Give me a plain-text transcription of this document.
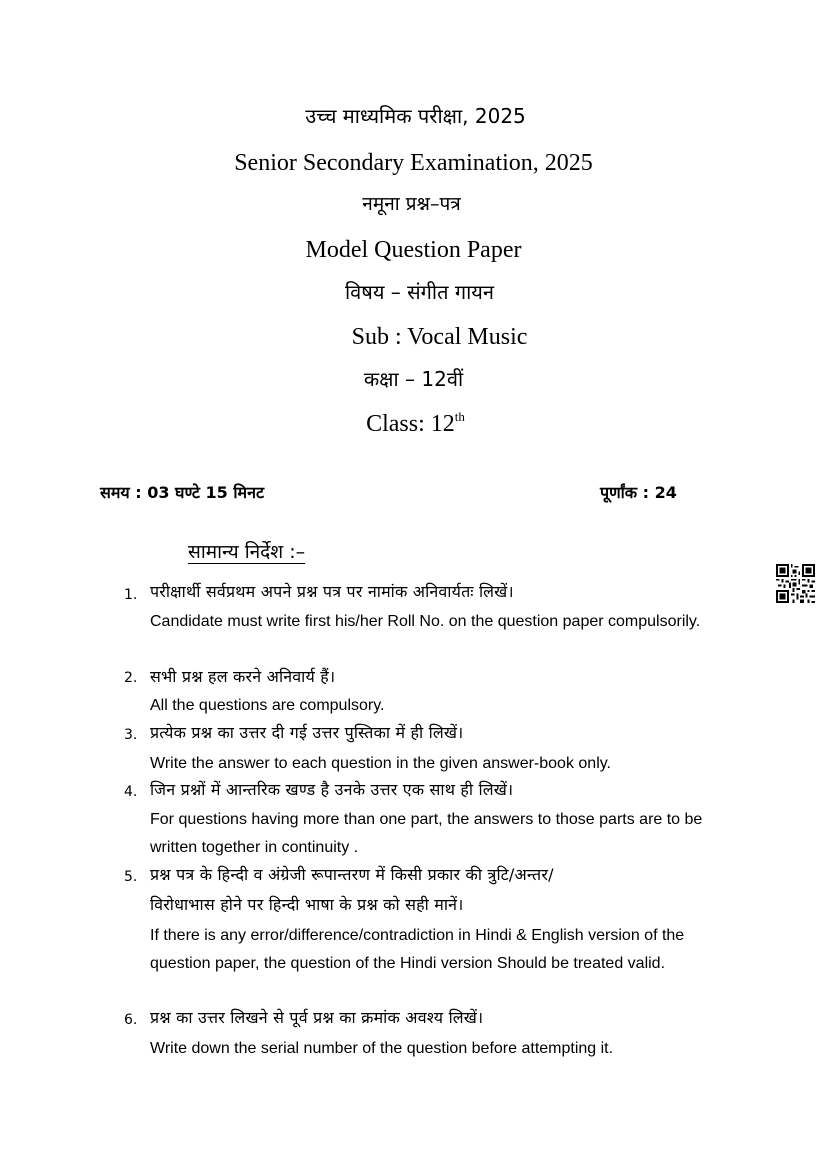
उच्च माध्यमिक परीक्षा, 2025
Senior Secondary Examination, 2025
नमूना प्रश्न–पत्र
Model Question Paper
विषय – संगीत गायन
Sub : Vocal Music
कक्षा – 12वीं
Class: 12th
समय : 03 घण्टे 15 मिनट	पूर्णांक : 24
सामान्य निर्देश :–
1. परीक्षार्थी सर्वप्रथम अपने प्रश्न पत्र पर नामांक अनिवार्यतः लिखें।
Candidate must write first his/her Roll No. on the question paper compulsorily.
2. सभी प्रश्न हल करने अनिवार्य हैं।
All the questions are compulsory.
3. प्रत्येक प्रश्न का उत्तर दी गई उत्तर पुस्तिका में ही लिखें।
Write the answer to each question in the given answer-book only.
4. जिन प्रश्नों में आन्तरिक खण्ड है उनके उत्तर एक साथ ही लिखें।
For questions having more than one part, the answers to those parts are to be written together in continuity .
5. प्रश्न पत्र के हिन्दी व अंग्रेजी रूपान्तरण में किसी प्रकार की त्रुटि/अन्तर/
विरोधाभास होने पर हिन्दी भाषा के प्रश्न को सही मानें।
If there is any error/difference/contradiction in Hindi & English version of the question paper, the question of the Hindi version Should be treated valid.
6. प्रश्न का उत्तर लिखने से पूर्व प्रश्न का क्रमांक अवश्य लिखें।
Write down the serial number of the question before attempting it.
